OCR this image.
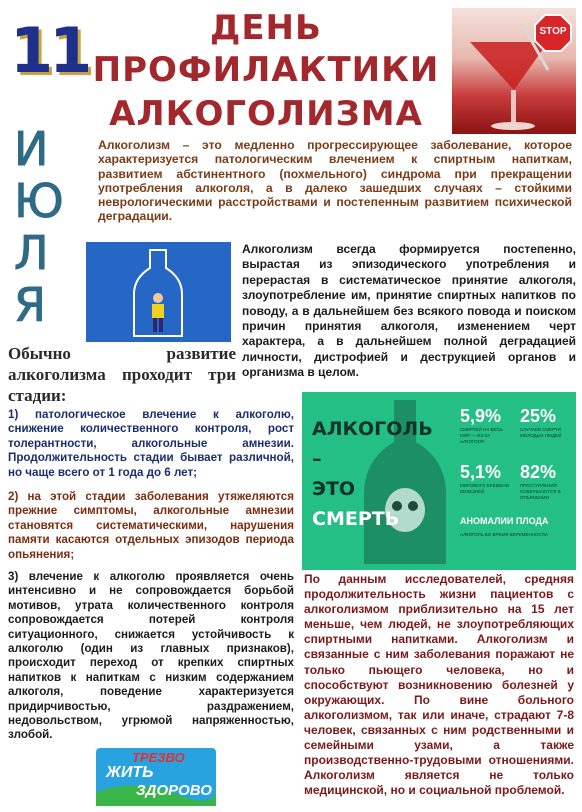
11
И
Ю
Л
Я
ДЕНЬ
ПРОФИЛАКТИКИ
АЛКОГОЛИЗМА
STOP
Алкоголизм – это медленно прогрессирующее заболевание, которое характеризуется патологическим влечением к спиртным напиткам, развитием абстинентного (похмельного) синдрома при прекращении употребления алкоголя, а в далеко зашедших случаях – стойкими неврологическими расстройствами и постепенным развитием психической деградации.
Алкоголизм всегда формируется постепенно, вырастая из эпизодического употребления и перерастая в систематическое принятие алкоголя, злоупотребление им, принятие спиртных напитков по поводу, а в дальнейшем без всякого повода и поиском причин принятия алкоголя, изменением черт характера, а в дальнейшем полной деградацией личности, дистрофией и деструкцией органов и организма в целом.
Обычно развитие алкоголизма проходит три стадии:
1) патологическое влечение к алкоголю, снижение количественного контроля, рост толерантности, алкогольные амнезии. Продолжительность стадии бывает различной, но чаще всего от 1 года до 6 лет;
2) на этой стадии заболевания утяжеляются прежние симптомы, алкогольные амнезии становятся систематическими, нарушения памяти касаются отдельных эпизодов периода опьянения;
3) влечение к алкоголю проявляется очень интенсивно и не сопровождается борьбой мотивов, утрата количественного контроля сопровождается потерей контроля ситуационного, снижается устойчивость к алкоголю (один из главных признаков), происходит переход от крепких спиртных напитков к напиткам с низким содержанием алкоголя, поведение характеризуется придирчивостью, раздражением, недовольством, угрюмой напряженностью, злобой.
АЛКОГОЛЬ –
ЭТО
СМЕРТЬ
5,9%
СМЕРТЕЙ НА ВЕСЬ МИР — ИЗ-ЗА АЛКОГОЛЯ
25%
СЛУЧАЕВ СМЕРТИ МОЛОДЫХ ЛЮДЕЙ
5,1%
МИРОВОГО БРЕМЕНИ БОЛЕЗНЕЙ
82%
ПРЕСТУПЛЕНИЙ СОВЕРШАЮТСЯ В ОПЬЯНЕНИИ
АНОМАЛИИ ПЛОДА
АЛКОГОЛЬ ВО ВРЕМЯ БЕРЕМЕННОСТИ
По данным исследователей, средняя продолжительность жизни пациентов с алкоголизмом приблизительно на 15 лет меньше, чем людей, не злоупотребляющих спиртными напитками. Алкоголизм и связанные с ним заболевания поражают не только пьющего человека, но и способствуют возникновению болезней у окружающих. По вине больного алкоголизмом, так или иначе, страдают 7-8 человек, связанных с ним родственными и семейными узами, а также производственно-трудовыми отношениями. Алкоголизм является не только медицинской, но и социальной проблемой.
ТРЕЗВО
ЖИТЬ
ЗДОРОВО
